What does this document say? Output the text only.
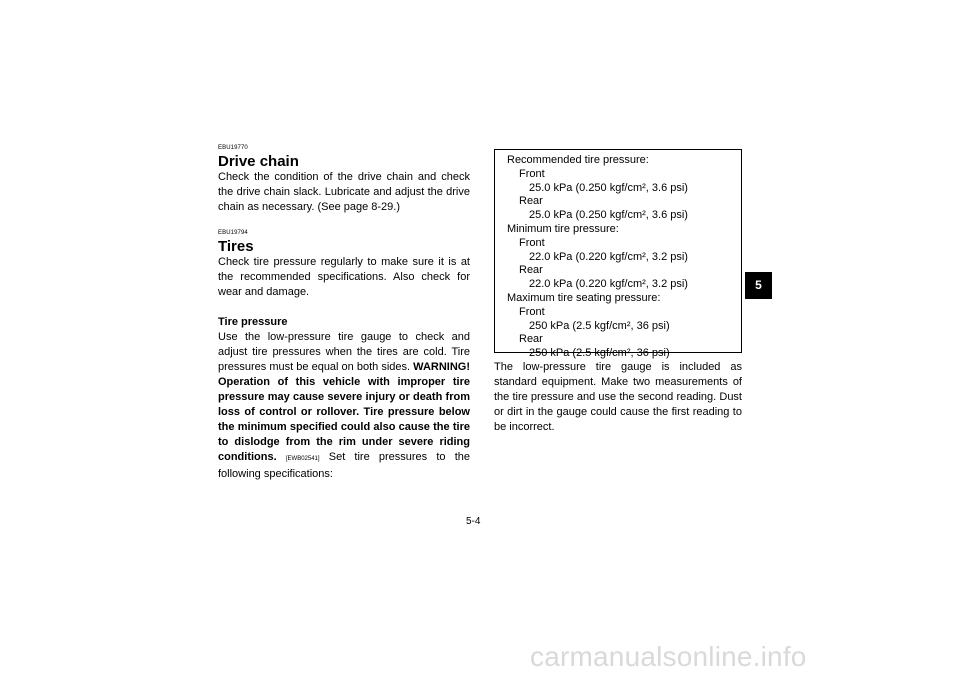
EBU19770
Drive chain

Check the condition of the drive chain and check the drive chain slack. Lubricate and adjust the drive chain as necessary. (See page 8-29.)

EBU19794
Tires

Check tire pressure regularly to make sure it is at the recommended specifications. Also check for wear and damage.

Tire pressure

Use the low-pressure tire gauge to check and adjust tire pressures when the tires are cold. Tire pressures must be equal on both sides. WARNING! Operation of this vehicle with improper tire pressure may cause severe injury or death from loss of control or rollover. Tire pressure below the minimum specified could also cause the tire to dislodge from the rim under severe riding conditions. [EWB02541] Set tire pressures to the following specifications:

Recommended tire pressure:
Front
25.0 kPa (0.250 kgf/cm², 3.6 psi)
Rear
25.0 kPa (0.250 kgf/cm², 3.6 psi)
Minimum tire pressure:
Front
22.0 kPa (0.220 kgf/cm², 3.2 psi)
Rear
22.0 kPa (0.220 kgf/cm², 3.2 psi)
Maximum tire seating pressure:
Front
250 kPa (2.5 kgf/cm², 36 psi)
Rear
250 kPa (2.5 kgf/cm², 36 psi)

The low-pressure tire gauge is included as standard equipment. Make two measurements of the tire pressure and use the second reading. Dust or dirt in the gauge could cause the first reading to be incorrect.

5-4
5
carmanualsonline.info
